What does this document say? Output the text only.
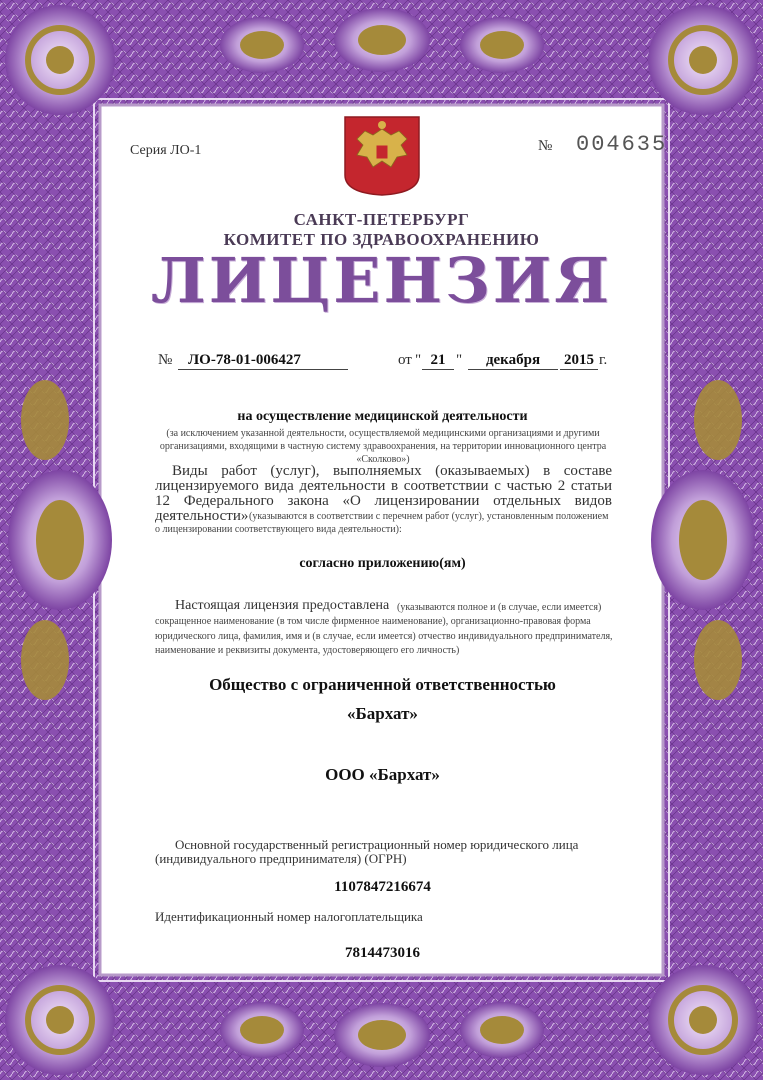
Серия ЛО-1	№ 004635
САНКТ-ПЕТЕРБУРГ
КОМИТЕТ ПО ЗДРАВООХРАНЕНИЮ
ЛИЦЕНЗИЯ
№	ЛО-78-01-006427	от " 21 "	декабря	2015 г.
на осуществление медицинской деятельности
(за исключением указанной деятельности, осуществляемой медицинскими организациями и другими
организациями, входящими в частную систему здравоохранения, на территории инновационного центра
«Сколково»)
Виды работ (услуг), выполняемых (оказываемых) в составе
лицензируемого вида деятельности в соответствии с частью 2 статьи
12 Федерального закона «О лицензировании отдельных видов
деятельности» (указываются в соответствии с перечнем работ (услуг), установленным положением
о лицензировании соответствующего вида деятельности):
согласно приложению(ям)
Настоящая лицензия предоставлена (указываются полное и (в случае, если имеется)
сокращенное наименование (в том числе фирменное наименование), организационно-правовая форма
юридического лица, фамилия, имя и (в случае, если имеется) отчество индивидуального предпринимателя,
наименование и реквизиты документа, удостоверяющего его личность)
Общество с ограниченной ответственностью
«Бархат»
ООО «Бархат»
Основной государственный регистрационный номер юридического лица
(индивидуального предпринимателя) (ОГРН)
1107847216674
Идентификационный номер налогоплательщика
7814473016
